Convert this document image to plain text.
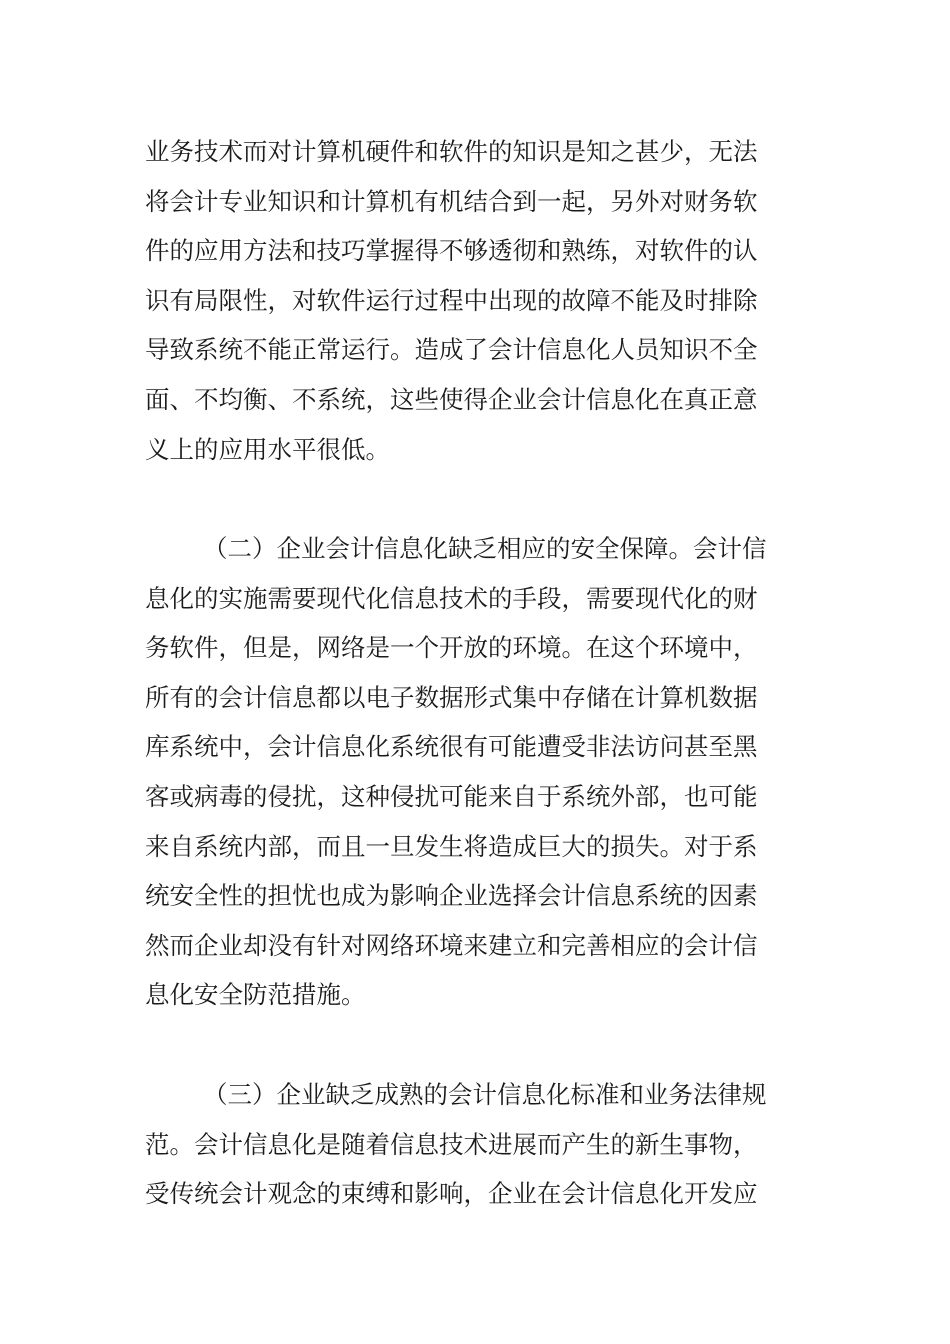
业务技术而对计算机硬件和软件的知识是知之甚少，无法
将会计专业知识和计算机有机结合到一起，另外对财务软
件的应用方法和技巧掌握得不够透彻和熟练，对软件的认
识有局限性，对软件运行过程中出现的故障不能及时排除
导致系统不能正常运行。造成了会计信息化人员知识不全
面、不均衡、不系统，这些使得企业会计信息化在真正意
义上的应用水平很低。
（二）企业会计信息化缺乏相应的安全保障。会计信
息化的实施需要现代化信息技术的手段，需要现代化的财
务软件，但是，网络是一个开放的环境。在这个环境中，
所有的会计信息都以电子数据形式集中存储在计算机数据
库系统中，会计信息化系统很有可能遭受非法访问甚至黑
客或病毒的侵扰，这种侵扰可能来自于系统外部，也可能
来自系统内部，而且一旦发生将造成巨大的损失。对于系
统安全性的担忧也成为影响企业选择会计信息系统的因素
然而企业却没有针对网络环境来建立和完善相应的会计信
息化安全防范措施。
（三）企业缺乏成熟的会计信息化标准和业务法律规
范。会计信息化是随着信息技术进展而产生的新生事物，
受传统会计观念的束缚和影响，企业在会计信息化开发应
